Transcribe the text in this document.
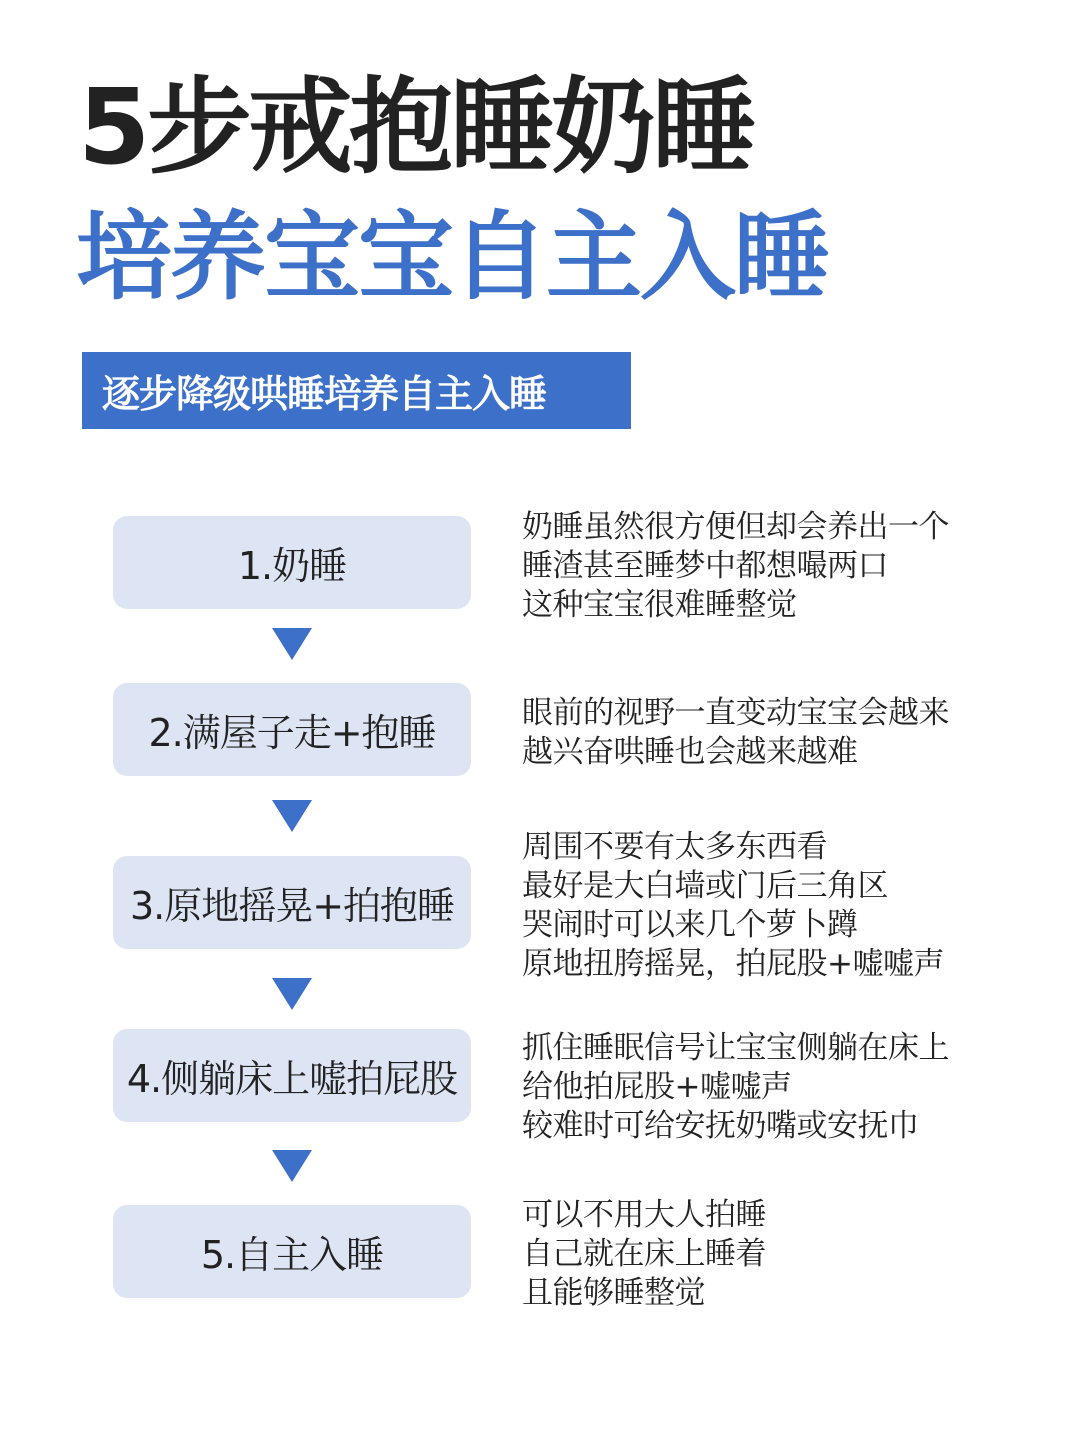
5步戒抱睡奶睡
培养宝宝自主入睡
逐步降级哄睡培养自主入睡
1.奶睡
奶睡虽然很方便但却会养出一个
睡渣甚至睡梦中都想嘬两口
这种宝宝很难睡整觉
2.满屋子走+抱睡	眼前的视野一直变动宝宝会越来
越兴奋哄睡也会越来越难
3.原地摇晃+拍抱睡
周围不要有太多东西看
最好是大白墙或门后三角区
哭闹时可以来几个萝卜蹲
原地扭胯摇晃，拍屁股+嘘嘘声
4.侧躺床上嘘拍屁股
抓住睡眠信号让宝宝侧躺在床上
给他拍屁股+嘘嘘声
较难时可给安抚奶嘴或安抚巾
5.自主入睡
可以不用大人拍睡
自己就在床上睡着
且能够睡整觉
